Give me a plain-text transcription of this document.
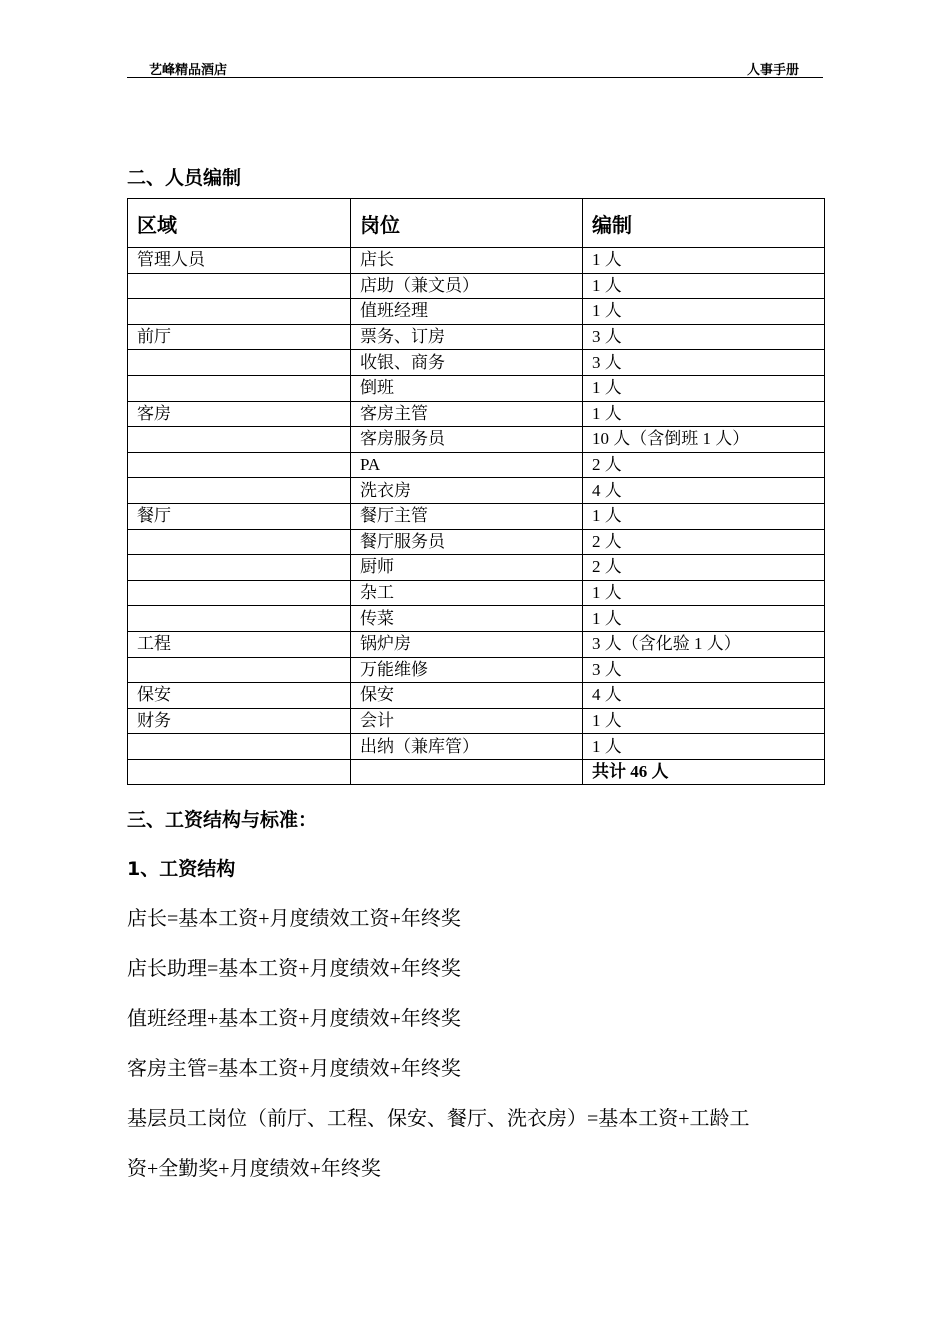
艺峰精品酒店	人事手册
二、人员编制
区域	岗位	编制
管理人员	店长	1 人
	店助（兼文员）	1 人
	值班经理	1 人
前厅	票务、订房	3 人
	收银、商务	3 人
	倒班	1 人
客房	客房主管	1 人
	客房服务员	10 人（含倒班 1 人）
	PA	2 人
	洗衣房	4 人
餐厅	餐厅主管	1 人
	餐厅服务员	2 人
	厨师	2 人
	杂工	1 人
	传菜	1 人
工程	锅炉房	3 人（含化验 1 人）
	万能维修	3 人
保安	保安	4 人
财务	会计	1 人
	出纳（兼库管）	1 人
		共计 46 人
三、工资结构与标准：
1、工资结构
店长=基本工资+月度绩效工资+年终奖
店长助理=基本工资+月度绩效+年终奖
值班经理+基本工资+月度绩效+年终奖
客房主管=基本工资+月度绩效+年终奖
基层员工岗位（前厅、工程、保安、餐厅、洗衣房）=基本工资+工龄工
资+全勤奖+月度绩效+年终奖
